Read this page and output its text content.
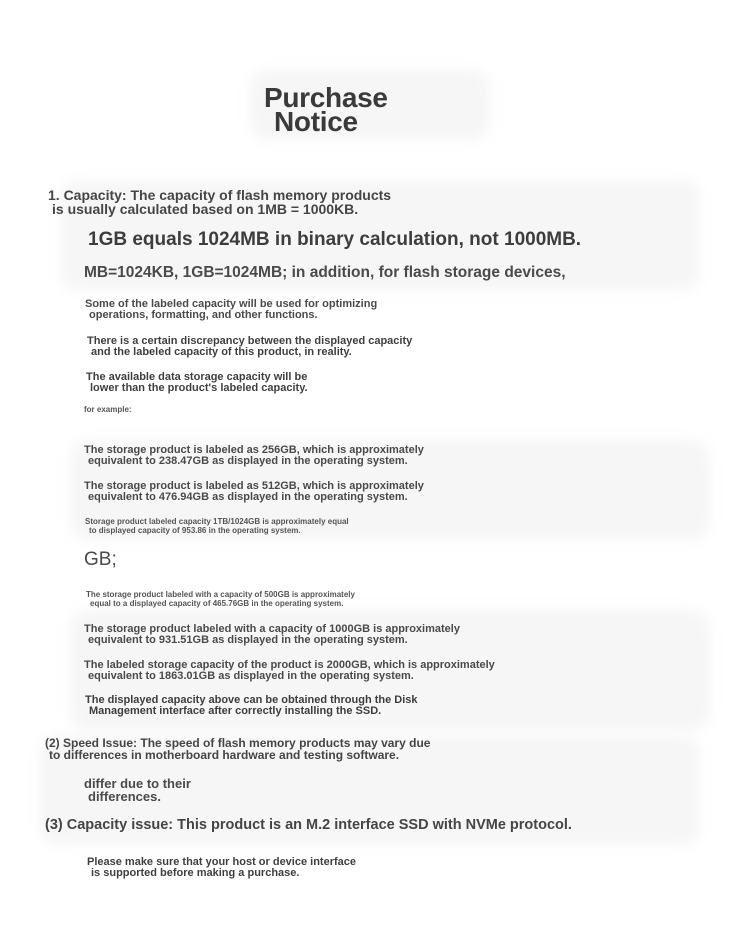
Purchase
Notice
1. Capacity: The capacity of flash memory products
is usually calculated based on 1MB = 1000KB.
1GB equals 1024MB in binary calculation, not 1000MB.
MB=1024KB, 1GB=1024MB; in addition, for flash storage devices,
Some of the labeled capacity will be used for optimizing
operations, formatting, and other functions.
There is a certain discrepancy between the displayed capacity
and the labeled capacity of this product, in reality.
The available data storage capacity will be
lower than the product's labeled capacity.
for example:
The storage product is labeled as 256GB, which is approximately
equivalent to 238.47GB as displayed in the operating system.
The storage product is labeled as 512GB, which is approximately
equivalent to 476.94GB as displayed in the operating system.
Storage product labeled capacity 1TB/1024GB is approximately equal
to displayed capacity of 953.86 in the operating system.
GB;
The storage product labeled with a capacity of 500GB is approximately
equal to a displayed capacity of 465.76GB in the operating system.
The storage product labeled with a capacity of 1000GB is approximately
equivalent to 931.51GB as displayed in the operating system.
The labeled storage capacity of the product is 2000GB, which is approximately
equivalent to 1863.01GB as displayed in the operating system.
The displayed capacity above can be obtained through the Disk
Management interface after correctly installing the SSD.
(2) Speed Issue: The speed of flash memory products may vary due
to differences in motherboard hardware and testing software.
differ due to their
differences.
(3) Capacity issue: This product is an M.2 interface SSD with NVMe protocol.
Please make sure that your host or device interface
is supported before making a purchase.
